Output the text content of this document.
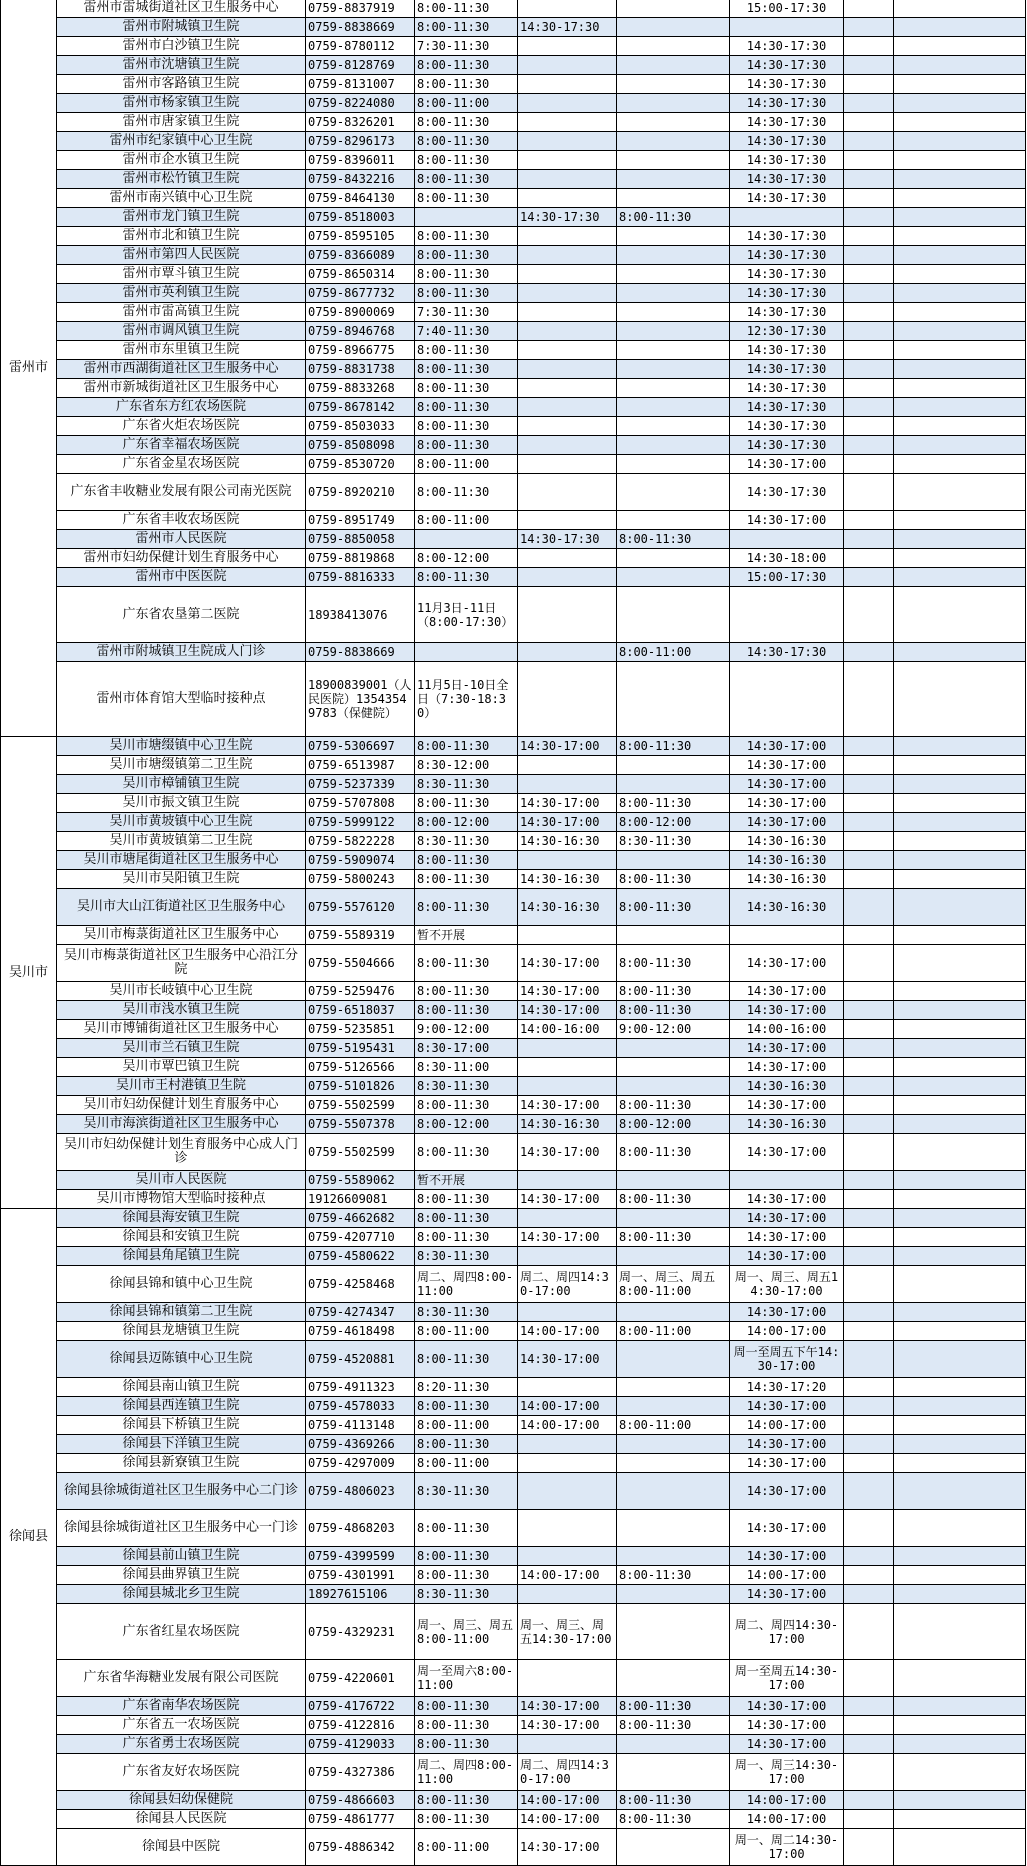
雷州市	雷州市雷城街道社区卫生服务中心	0759-8837919	8:00-11:30			15:00-17:30			
	雷州市附城镇卫生院	0759-8838669	8:00-11:30	14:30-17:30					
	雷州市白沙镇卫生院	0759-8780112	7:30-11:30			14:30-17:30			
	雷州市沈塘镇卫生院	0759-8128769	8:00-11:30			14:30-17:30			
	雷州市客路镇卫生院	0759-8131007	8:00-11:30			14:30-17:30			
	雷州市杨家镇卫生院	0759-8224080	8:00-11:00			14:30-17:30			
	雷州市唐家镇卫生院	0759-8326201	8:00-11:30			14:30-17:30			
	雷州市纪家镇中心卫生院	0759-8296173	8:00-11:30			14:30-17:30			
	雷州市企水镇卫生院	0759-8396011	8:00-11:30			14:30-17:30			
	雷州市松竹镇卫生院	0759-8432216	8:00-11:30			14:30-17:30			
	雷州市南兴镇中心卫生院	0759-8464130	8:00-11:30			14:30-17:30			
	雷州市龙门镇卫生院	0759-8518003		14:30-17:30	8:00-11:30				
	雷州市北和镇卫生院	0759-8595105	8:00-11:30			14:30-17:30			
	雷州市第四人民医院	0759-8366089	8:00-11:30			14:30-17:30			
	雷州市覃斗镇卫生院	0759-8650314	8:00-11:30			14:30-17:30			
	雷州市英利镇卫生院	0759-8677732	8:00-11:30			14:30-17:30			
	雷州市雷高镇卫生院	0759-8900069	7:30-11:30			14:30-17:30			
	雷州市调风镇卫生院	0759-8946768	7:40-11:30			12:30-17:30			
	雷州市东里镇卫生院	0759-8966775	8:00-11:30			14:30-17:30			
	雷州市西湖街道社区卫生服务中心	0759-8831738	8:00-11:30			14:30-17:30			
	雷州市新城街道社区卫生服务中心	0759-8833268	8:00-11:30			14:30-17:30			
	广东省东方红农场医院	0759-8678142	8:00-11:30			14:30-17:30			
	广东省火炬农场医院	0759-8503033	8:00-11:30			14:30-17:30			
	广东省幸福农场医院	0759-8508098	8:00-11:30			14:30-17:30			
	广东省金星农场医院	0759-8530720	8:00-11:00			14:30-17:00			
	广东省丰收糖业发展有限公司南光医院	0759-8920210	8:00-11:30			14:30-17:30			
	广东省丰收农场医院	0759-8951749	8:00-11:00			14:30-17:00			
	雷州市人民医院	0759-8850058		14:30-17:30	8:00-11:30				
	雷州市妇幼保健计划生育服务中心	0759-8819868	8:00-12:00			14:30-18:00			
	雷州市中医医院	0759-8816333	8:00-11:30			15:00-17:30			
	广东省农垦第二医院	18938413076	11月3日-11日（8:00-17:30）						
	雷州市附城镇卫生院成人门诊	0759-8838669			8:00-11:00	14:30-17:30			
	雷州市体育馆大型临时接种点	18900839001（人民医院）13543549783（保健院）	11月5日-10日全日（7:30-18:30）						
吴川市	吴川市塘缀镇中心卫生院	0759-5306697	8:00-11:30	14:30-17:00	8:00-11:30	14:30-17:00			
	吴川市塘缀镇第二卫生院	0759-6513987	8:30-12:00			14:30-17:00			
	吴川市樟铺镇卫生院	0759-5237339	8:30-11:30			14:30-17:00			
	吴川市振文镇卫生院	0759-5707808	8:00-11:30	14:30-17:00	8:00-11:30	14:30-17:00			
	吴川市黄坡镇中心卫生院	0759-5999122	8:00-12:00	14:30-17:00	8:00-12:00	14:30-17:00			
	吴川市黄坡镇第二卫生院	0759-5822228	8:30-11:30	14:30-16:30	8:30-11:30	14:30-16:30			
	吴川市塘尾街道社区卫生服务中心	0759-5909074	8:00-11:30			14:30-16:30			
	吴川市吴阳镇卫生院	0759-5800243	8:00-11:30	14:30-16:30	8:00-11:30	14:30-16:30			
	吴川市大山江街道社区卫生服务中心	0759-5576120	8:00-11:30	14:30-16:30	8:00-11:30	14:30-16:30			
	吴川市梅菉街道社区卫生服务中心	0759-5589319	暂不开展						
	吴川市梅菉街道社区卫生服务中心沿江分院	0759-5504666	8:00-11:30	14:30-17:00	8:00-11:30	14:30-17:00			
	吴川市长岐镇中心卫生院	0759-5259476	8:00-11:30	14:30-17:00	8:00-11:30	14:30-17:00			
	吴川市浅水镇卫生院	0759-6518037	8:00-11:30	14:30-17:00	8:00-11:30	14:30-17:00			
	吴川市博铺街道社区卫生服务中心	0759-5235851	9:00-12:00	14:00-16:00	9:00-12:00	14:00-16:00			
	吴川市兰石镇卫生院	0759-5195431	8:30-17:00			14:30-17:00			
	吴川市覃巴镇卫生院	0759-5126566	8:30-11:00			14:30-17:00			
	吴川市王村港镇卫生院	0759-5101826	8:30-11:30			14:30-16:30			
	吴川市妇幼保健计划生育服务中心	0759-5502599	8:00-11:30	14:30-17:00	8:00-11:30	14:30-17:00			
	吴川市海滨街道社区卫生服务中心	0759-5507378	8:00-12:00	14:30-16:30	8:00-12:00	14:30-16:30			
	吴川市妇幼保健计划生育服务中心成人门诊	0759-5502599	8:00-11:30	14:30-17:00	8:00-11:30	14:30-17:00			
	吴川市人民医院	0759-5589062	暂不开展						
	吴川市博物馆大型临时接种点	19126609081	8:00-11:30	14:30-17:00	8:00-11:30	14:30-17:00			
徐闻县	徐闻县海安镇卫生院	0759-4662682	8:00-11:30			14:30-17:00			
	徐闻县和安镇卫生院	0759-4207710	8:00-11:30	14:30-17:00	8:00-11:30	14:30-17:00			
	徐闻县角尾镇卫生院	0759-4580622	8:30-11:30			14:30-17:00			
	徐闻县锦和镇中心卫生院	0759-4258468	周二、周四8:00-11:00	周二、周四14:30-17:00	周一、周三、周五8:00-11:00	周一、周三、周五14:30-17:00			
	徐闻县锦和镇第二卫生院	0759-4274347	8:30-11:30			14:30-17:00			
	徐闻县龙塘镇卫生院	0759-4618498	8:00-11:00	14:00-17:00	8:00-11:00	14:00-17:00			
	徐闻县迈陈镇中心卫生院	0759-4520881	8:00-11:30	14:30-17:00		周一至周五下午14:30-17:00			
	徐闻县南山镇卫生院	0759-4911323	8:20-11:30			14:30-17:20			
	徐闻县西连镇卫生院	0759-4578033	8:00-11:30	14:00-17:00		14:30-17:00			
	徐闻县下桥镇卫生院	0759-4113148	8:00-11:00	14:00-17:00	8:00-11:00	14:00-17:00			
	徐闻县下洋镇卫生院	0759-4369266	8:00-11:30			14:30-17:00			
	徐闻县新寮镇卫生院	0759-4297009	8:00-11:00			14:30-17:00			
	徐闻县徐城街道社区卫生服务中心二门诊	0759-4806023	8:30-11:30			14:30-17:00			
	徐闻县徐城街道社区卫生服务中心一门诊	0759-4868203	8:00-11:30			14:30-17:00			
	徐闻县前山镇卫生院	0759-4399599	8:00-11:30			14:30-17:00			
	徐闻县曲界镇卫生院	0759-4301991	8:00-11:30	14:00-17:00	8:00-11:30	14:00-17:00			
	徐闻县城北乡卫生院	18927615106	8:30-11:30			14:30-17:00			
	广东省红星农场医院	0759-4329231	周一、周三、周五8:00-11:00	周一、周三、周五14:30-17:00		周二、周四14:30-17:00			
	广东省华海糖业发展有限公司医院	0759-4220601	周一至周六8:00-11:00			周一至周五14:30-17:00			
	广东省南华农场医院	0759-4176722	8:00-11:30	14:30-17:00	8:00-11:30	14:30-17:00			
	广东省五一农场医院	0759-4122816	8:00-11:30	14:30-17:00	8:00-11:30	14:30-17:00			
	广东省勇士农场医院	0759-4129033	8:00-11:30			14:30-17:00			
	广东省友好农场医院	0759-4327386	周二、周四8:00-11:00	周二、周四14:30-17:00		周一、周三14:30-17:00			
	徐闻县妇幼保健院	0759-4866603	8:00-11:30	14:00-17:00	8:00-11:30	14:00-17:00			
	徐闻县人民医院	0759-4861777	8:00-11:30	14:00-17:00	8:00-11:30	14:00-17:00			
	徐闻县中医院	0759-4886342	8:00-11:00	14:30-17:00		周一、周二14:30-17:00			
